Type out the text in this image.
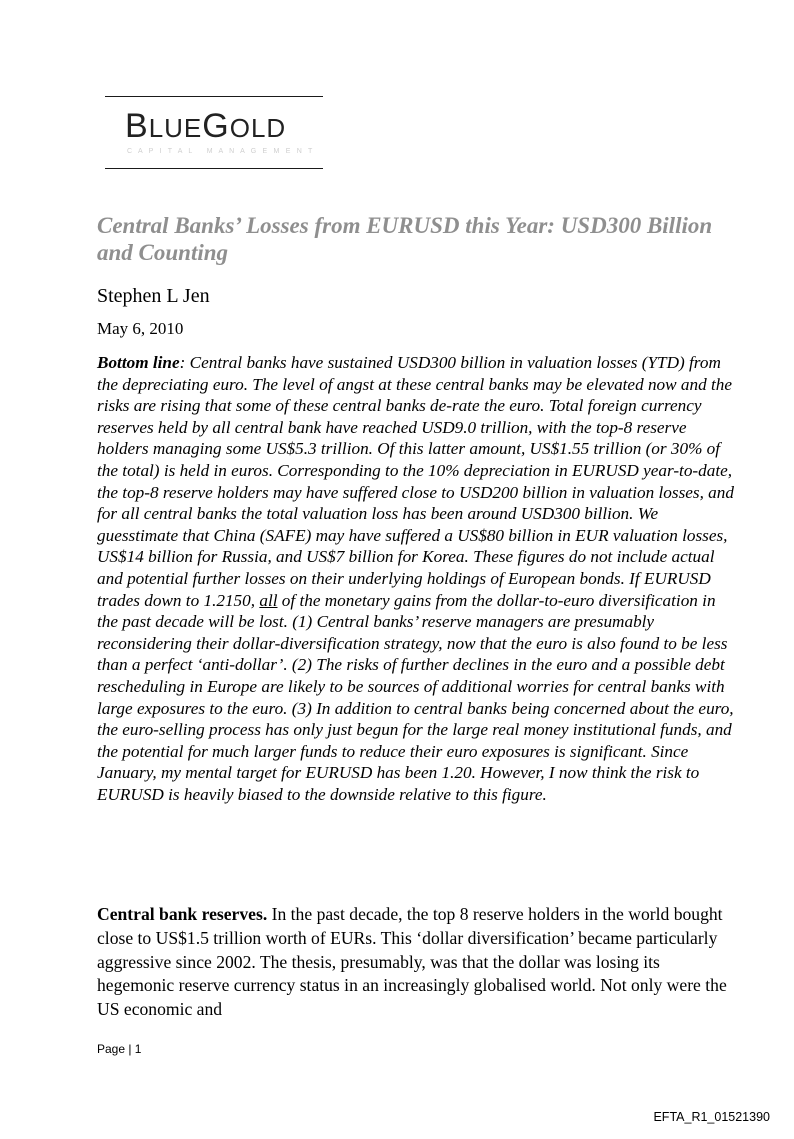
BLUEGOLD
C A P I T A L   M A N A G E M E N T
Central Banks’ Losses from EURUSD this Year: USD300 Billion and Counting
Stephen L Jen
May 6, 2010

Bottom line: Central banks have sustained USD300 billion in valuation losses (YTD) from the depreciating euro. The level of angst at these central banks may be elevated now and the risks are rising that some of these central banks de-rate the euro. Total foreign currency reserves held by all central bank have reached USD9.0 trillion, with the top-8 reserve holders managing some US$5.3 trillion. Of this latter amount, US$1.55 trillion (or 30% of the total) is held in euros. Corresponding to the 10% depreciation in EURUSD year-to-date, the top-8 reserve holders may have suffered close to USD200 billion in valuation losses, and for all central banks the total valuation loss has been around USD300 billion. We guesstimate that China (SAFE) may have suffered a US$80 billion in EUR valuation losses, US$14 billion for Russia, and US$7 billion for Korea. These figures do not include actual and potential further losses on their underlying holdings of European bonds. If EURUSD trades down to 1.2150, all of the monetary gains from the dollar-to-euro diversification in the past decade will be lost. (1) Central banks’ reserve managers are presumably reconsidering their dollar-diversification strategy, now that the euro is also found to be less than a perfect ‘anti-dollar’. (2) The risks of further declines in the euro and a possible debt rescheduling in Europe are likely to be sources of additional worries for central banks with large exposures to the euro. (3) In addition to central banks being concerned about the euro, the euro-selling process has only just begun for the large real money institutional funds, and the potential for much larger funds to reduce their euro exposures is significant. Since January, my mental target for EURUSD has been 1.20. However, I now think the risk to EURUSD is heavily biased to the downside relative to this figure.

Central bank reserves. In the past decade, the top 8 reserve holders in the world bought close to US$1.5 trillion worth of EURs. This ‘dollar diversification’ became particularly aggressive since 2002. The thesis, presumably, was that the dollar was losing its hegemonic reserve currency status in an increasingly globalised world. Not only were the US economic and

Page | 1
EFTA_R1_01521390
